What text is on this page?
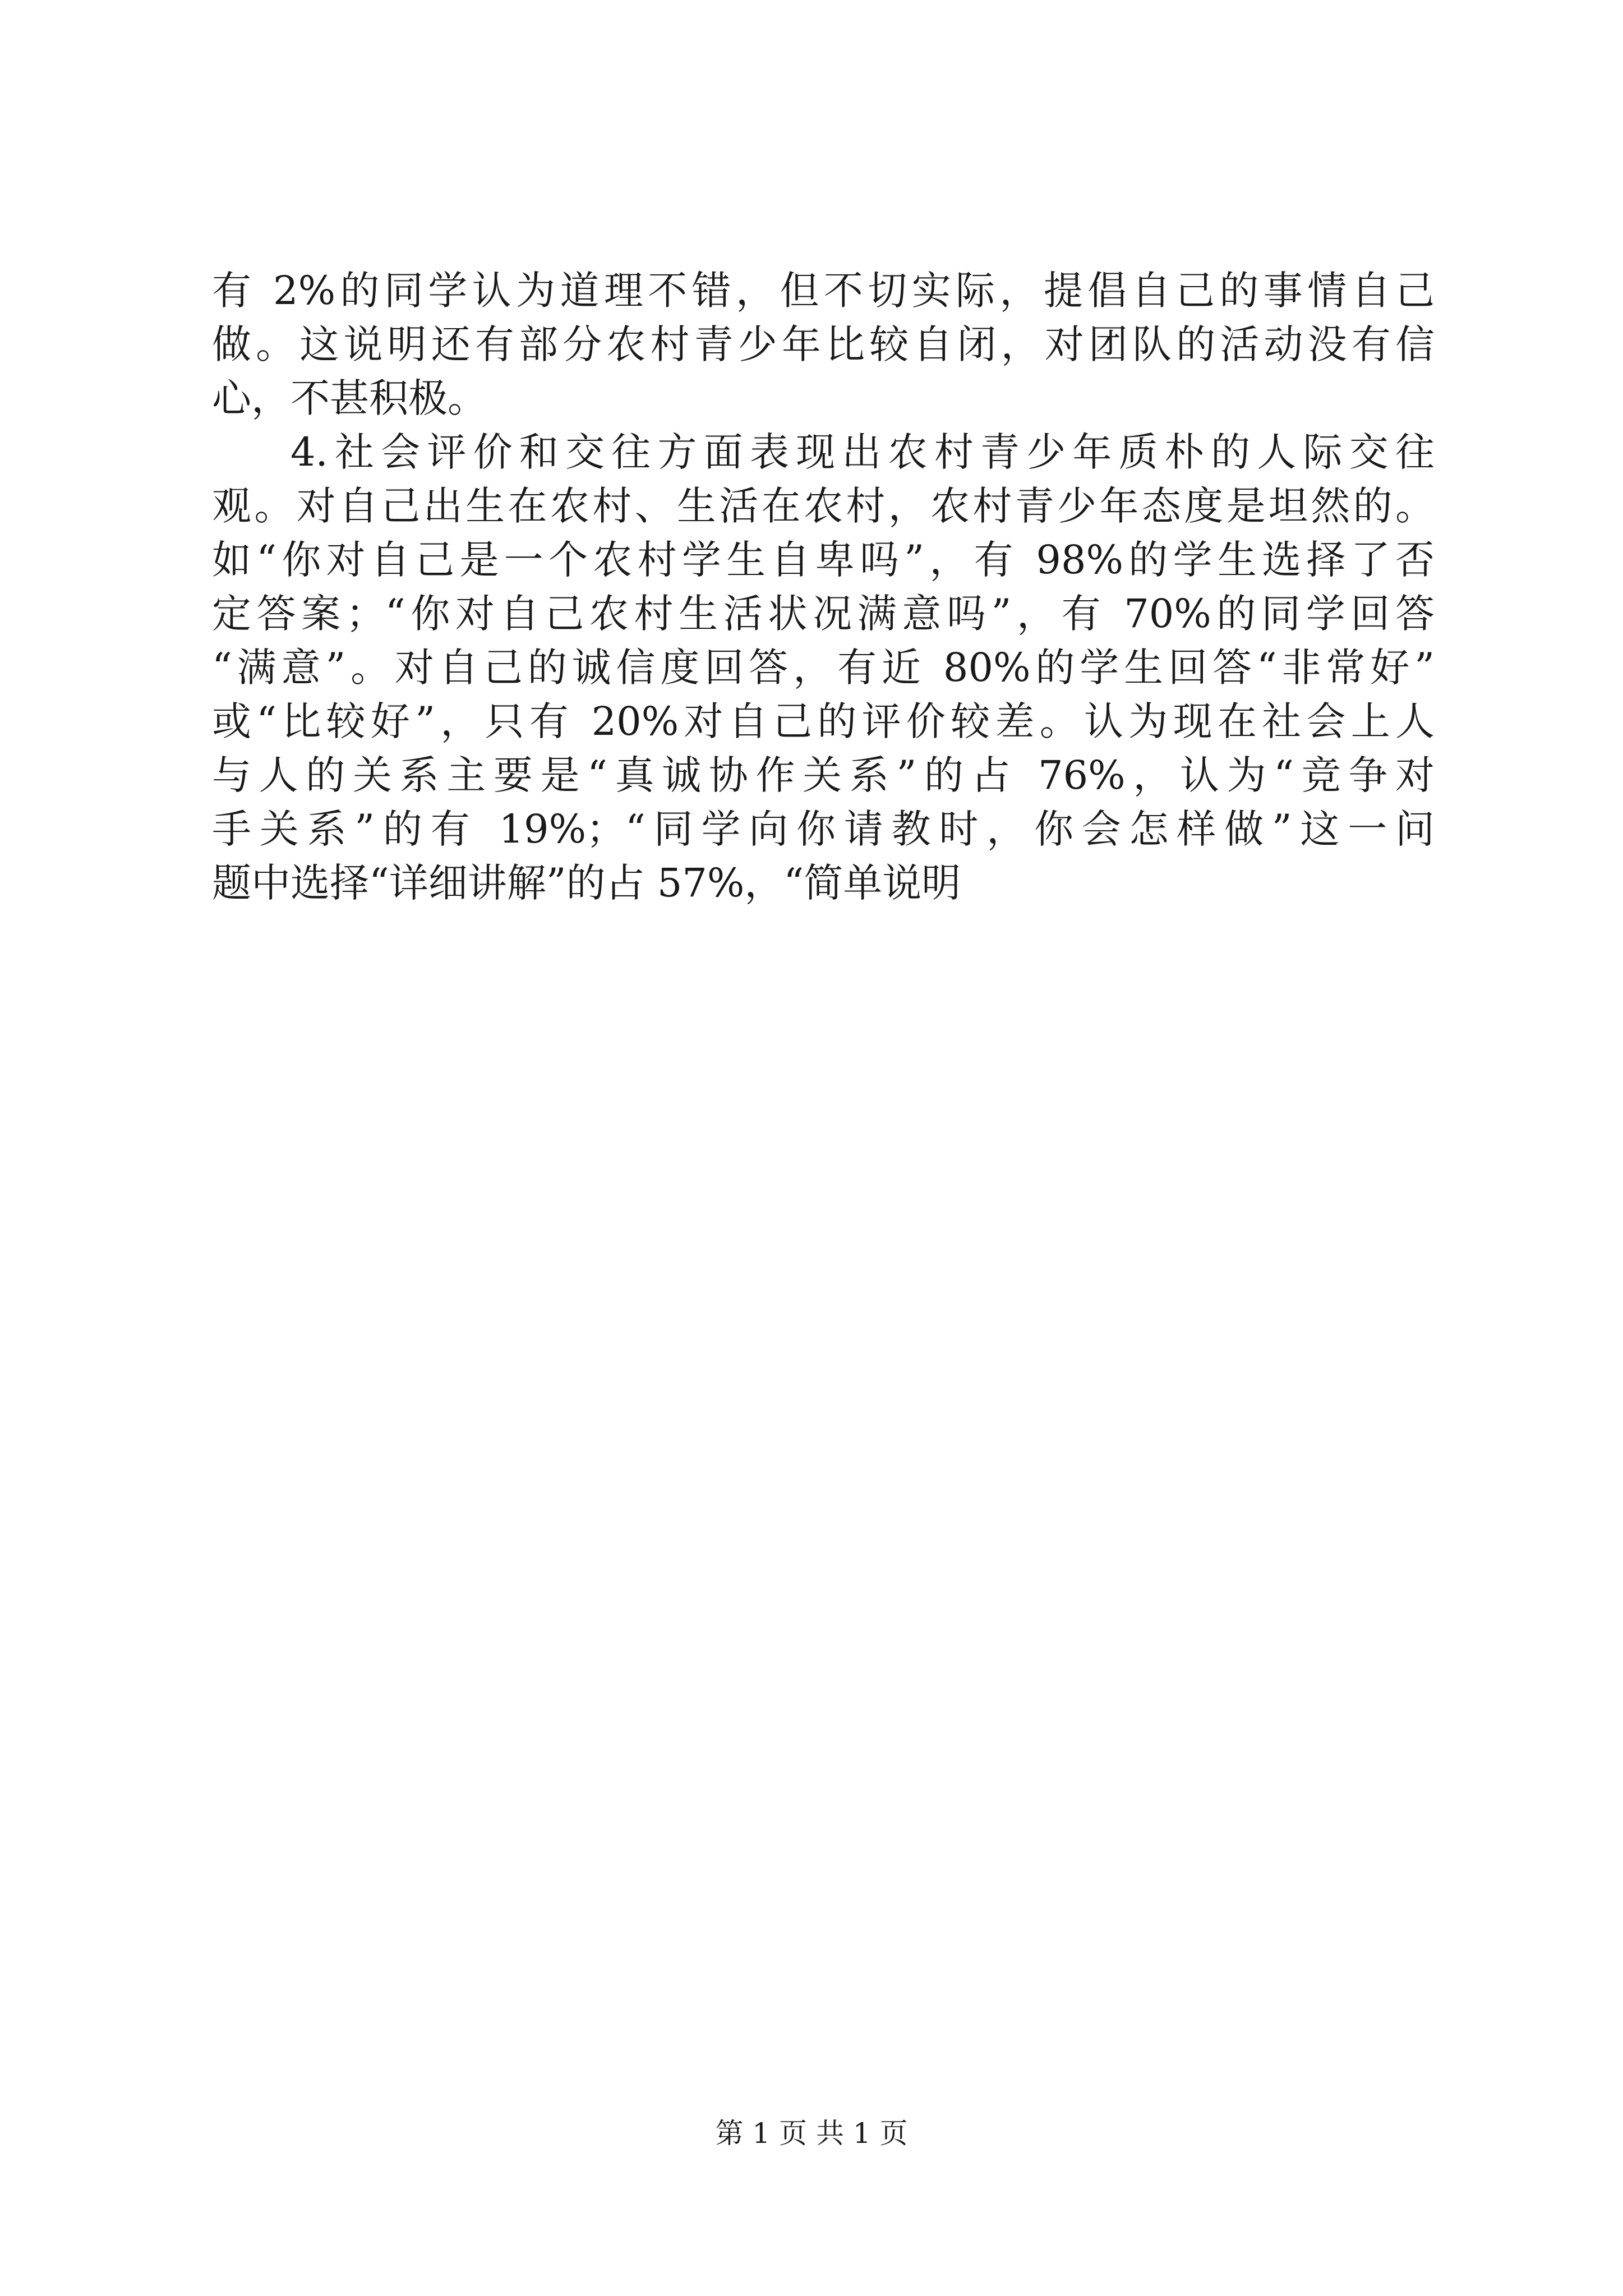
有 2%的同学认为道理不错，但不切实际，提倡自己的事情自己
做。这说明还有部分农村青少年比较自闭，对团队的活动没有信
心，不甚积极。

4.社会评价和交往方面表现出农村青少年质朴的人际交往
观。对自己出生在农村、生活在农村，农村青少年态度是坦然的。
如“你对自己是一个农村学生自卑吗”，有 98%的学生选择了否
定答案；“你对自己农村生活状况满意吗”，有 70%的同学回答
“满意”。对自己的诚信度回答，有近 80%的学生回答“非常好”
或“比较好”，只有 20%对自己的评价较差。认为现在社会上人
与人的关系主要是“真诚协作关系”的占 76%，认为“竞争对
手关系”的有 19%；“同学向你请教时，你会怎样做”这一问
题中选择“详细讲解”的占 57%，“简单说明

第 1 页 共 1 页
